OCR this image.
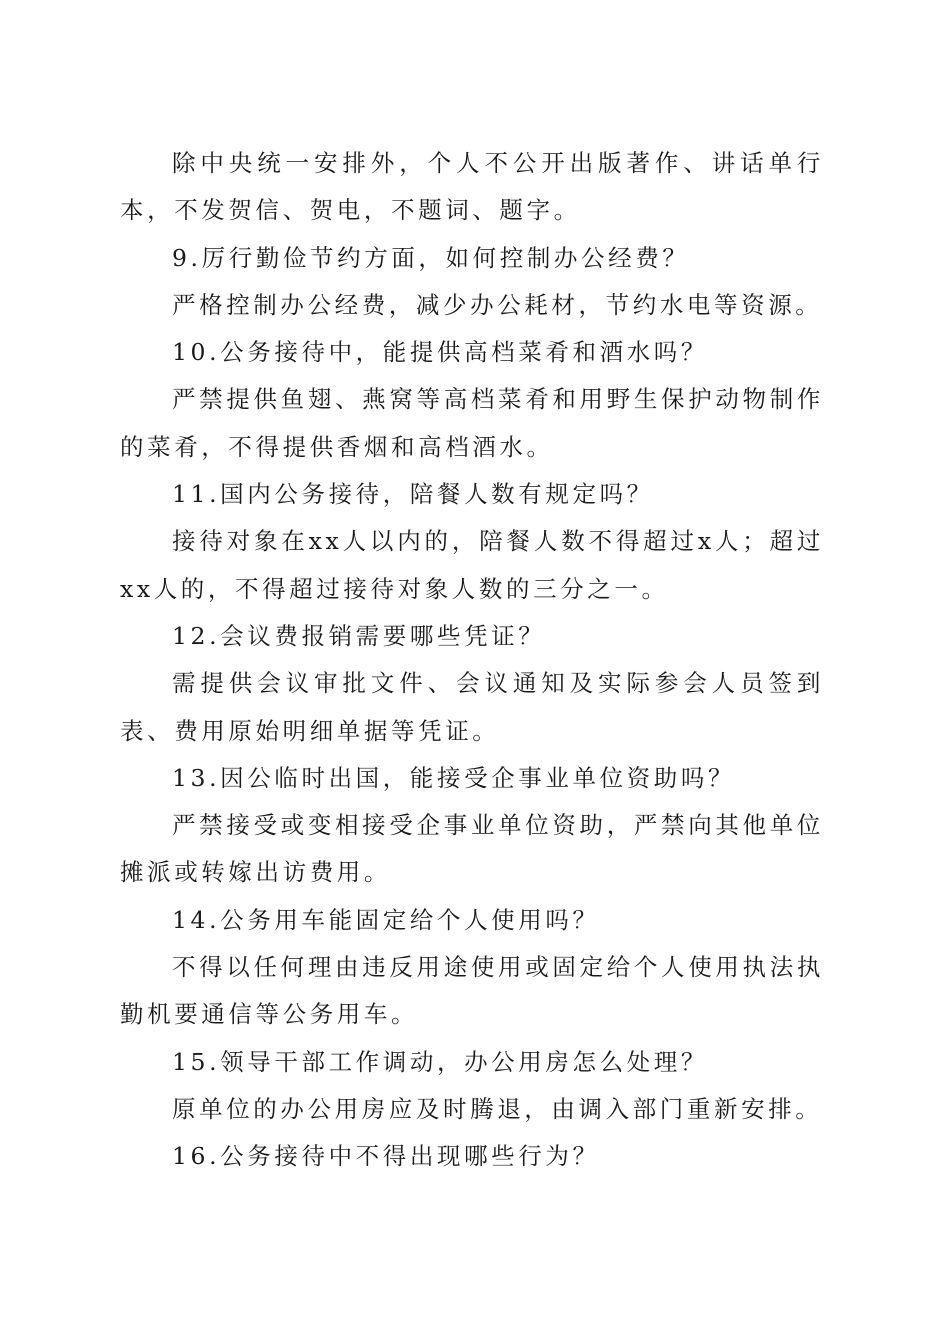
除中央统一安排外，个人不公开出版著作、讲话单行本，不发贺信、贺电，不题词、题字。

9.厉行勤俭节约方面，如何控制办公经费？

严格控制办公经费，减少办公耗材，节约水电等资源。

10.公务接待中，能提供高档菜肴和酒水吗？

严禁提供鱼翅、燕窝等高档菜肴和用野生保护动物制作的菜肴，不得提供香烟和高档酒水。

11.国内公务接待，陪餐人数有规定吗？

接待对象在xx人以内的，陪餐人数不得超过x人；超过xx人的，不得超过接待对象人数的三分之一。

12.会议费报销需要哪些凭证？

需提供会议审批文件、会议通知及实际参会人员签到表、费用原始明细单据等凭证。

13.因公临时出国，能接受企事业单位资助吗？

严禁接受或变相接受企事业单位资助，严禁向其他单位摊派或转嫁出访费用。

14.公务用车能固定给个人使用吗？

不得以任何理由违反用途使用或固定给个人使用执法执勤机要通信等公务用车。

15.领导干部工作调动，办公用房怎么处理？

原单位的办公用房应及时腾退，由调入部门重新安排。

16.公务接待中不得出现哪些行为？
